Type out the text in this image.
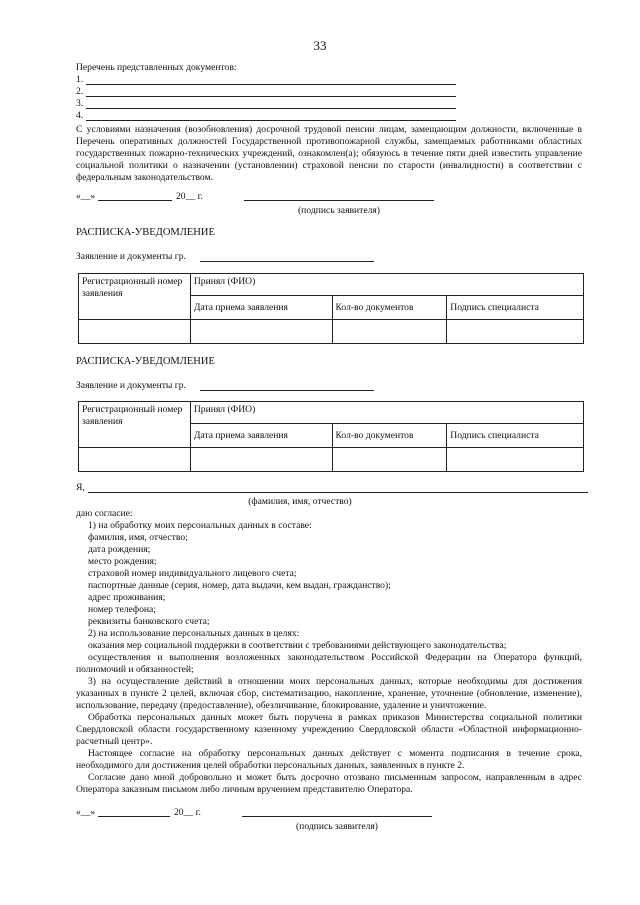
33
Перечень представленных документов:
1.
2.
3.
4.
С условиями назначения (возобновления) досрочной трудовой пенсии лицам, замещающим должности, включенные в Перечень оперативных должностей Государственной противопожарной службы, замещаемых работниками областных государственных пожарно-технических учреждений, ознакомлен(а); обязуюсь в течение пяти дней известить управление социальной политики о назначении (установлении) страховой пенсии по старости (инвалидности) в соответствии с федеральным законодательством.
«__»	20__ г.
(подпись заявителя)
РАСПИСКА-УВЕДОМЛЕНИЕ
Заявление и документы гр.
Регистрационный номер заявления	Принял (ФИО)		
	Дата приема заявления	Кол-во документов	Подпись специалиста

РАСПИСКА-УВЕДОМЛЕНИЕ
Заявление и документы гр.
Регистрационный номер заявления	Принял (ФИО)		
	Дата приема заявления	Кол-во документов	Подпись специалиста

Я,
(фамилия, имя, отчество)
даю согласие:
1) на обработку моих персональных данных в составе:
фамилия, имя, отчество;
дата рождения;
место рождения;
страховой номер индивидуального лицевого счета;
паспортные данные (серия, номер, дата выдачи, кем выдан, гражданство);
адрес проживания;
номер телефона;
реквизиты банковского счета;
2) на использование персональных данных в целях:
оказания мер социальной поддержки в соответствии с требованиями действующего законодательства;
осуществления и выполнения возложенных законодательством Российской Федерации на Оператора функций, полномочий и обязанностей;
3) на осуществление действий в отношении моих персональных данных, которые необходимы для достижения указанных в пункте 2 целей, включая сбор, систематизацию, накопление, хранение, уточнение (обновление, изменение), использование, передачу (предоставление), обезличивание, блокирование, удаление и уничтожение.
Обработка персональных данных может быть поручена в рамках приказов Министерства социальной политики Свердловской области государственному казенному учреждению Свердловской области «Областной информационно-расчетный центр».
Настоящее согласие на обработку персональных данных действует с момента подписания в течение срока, необходимого для достижения целей обработки персональных данных, заявленных в пункте 2.
Согласие дано мной добровольно и может быть досрочно отозвано письменным запросом, направленным в адрес Оператора заказным письмом либо личным вручением представителю Оператора.
«__»	20__ г.
(подпись заявителя)
